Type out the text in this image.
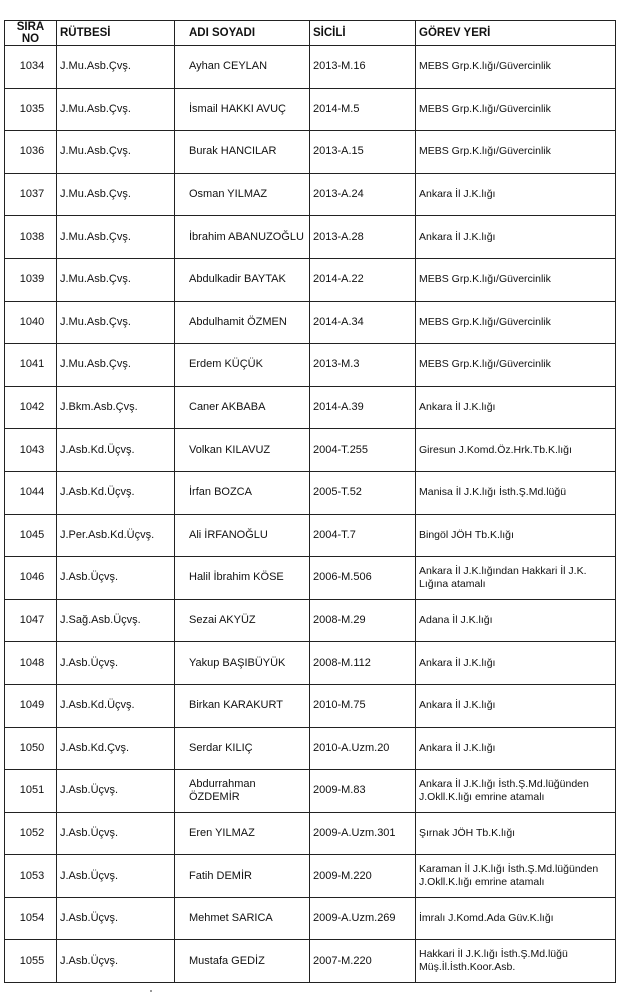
SIRA NO	RÜTBESİ	ADI SOYADI	SİCİLİ	GÖREV YERİ
1034	J.Mu.Asb.Çvş.	Ayhan CEYLAN	2013-M.16	MEBS Grp.K.lığı/Güvercinlik
1035	J.Mu.Asb.Çvş.	İsmail HAKKI AVUÇ	2014-M.5	MEBS Grp.K.lığı/Güvercinlik
1036	J.Mu.Asb.Çvş.	Burak HANCILAR	2013-A.15	MEBS Grp.K.lığı/Güvercinlik
1037	J.Mu.Asb.Çvş.	Osman YILMAZ	2013-A.24	Ankara İl J.K.lığı
1038	J.Mu.Asb.Çvş.	İbrahim ABANUZOĞLU	2013-A.28	Ankara İl J.K.lığı
1039	J.Mu.Asb.Çvş.	Abdulkadir BAYTAK	2014-A.22	MEBS Grp.K.lığı/Güvercinlik
1040	J.Mu.Asb.Çvş.	Abdulhamit ÖZMEN	2014-A.34	MEBS Grp.K.lığı/Güvercinlik
1041	J.Mu.Asb.Çvş.	Erdem KÜÇÜK	2013-M.3	MEBS Grp.K.lığı/Güvercinlik
1042	J.Bkm.Asb.Çvş.	Caner AKBABA	2014-A.39	Ankara İl J.K.lığı
1043	J.Asb.Kd.Üçvş.	Volkan KILAVUZ	2004-T.255	Giresun J.Komd.Öz.Hrk.Tb.K.lığı
1044	J.Asb.Kd.Üçvş.	İrfan BOZCA	2005-T.52	Manisa İl J.K.lığı İsth.Ş.Md.lüğü
1045	J.Per.Asb.Kd.Üçvş.	Ali İRFANOĞLU	2004-T.7	Bingöl JÖH Tb.K.lığı
1046	J.Asb.Üçvş.	Halil İbrahim KÖSE	2006-M.506	Ankara İl J.K.lığından Hakkari İl J.K. Lığına atamalı
1047	J.Sağ.Asb.Üçvş.	Sezai AKYÜZ	2008-M.29	Adana İl J.K.lığı
1048	J.Asb.Üçvş.	Yakup BAŞIBÜYÜK	2008-M.112	Ankara İl J.K.lığı
1049	J.Asb.Kd.Üçvş.	Birkan KARAKURT	2010-M.75	Ankara İl J.K.lığı
1050	J.Asb.Kd.Çvş.	Serdar KILIÇ	2010-A.Uzm.20	Ankara İl J.K.lığı
1051	J.Asb.Üçvş.	Abdurrahman ÖZDEMİR	2009-M.83	Ankara İl J.K.lığı İsth.Ş.Md.lüğünden J.Okll.K.lığı emrine atamalı
1052	J.Asb.Üçvş.	Eren YILMAZ	2009-A.Uzm.301	Şırnak JÖH Tb.K.lığı
1053	J.Asb.Üçvş.	Fatih DEMİR	2009-M.220	Karaman İl J.K.lığı İsth.Ş.Md.lüğünden J.Okll.K.lığı emrine atamalı
1054	J.Asb.Üçvş.	Mehmet SARICA	2009-A.Uzm.269	İmralı J.Komd.Ada Güv.K.lığı
1055	J.Asb.Üçvş.	Mustafa GEDİZ	2007-M.220	Hakkari İl J.K.lığı İsth.Ş.Md.lüğü Müş.İl.İsth.Koor.Asb.
